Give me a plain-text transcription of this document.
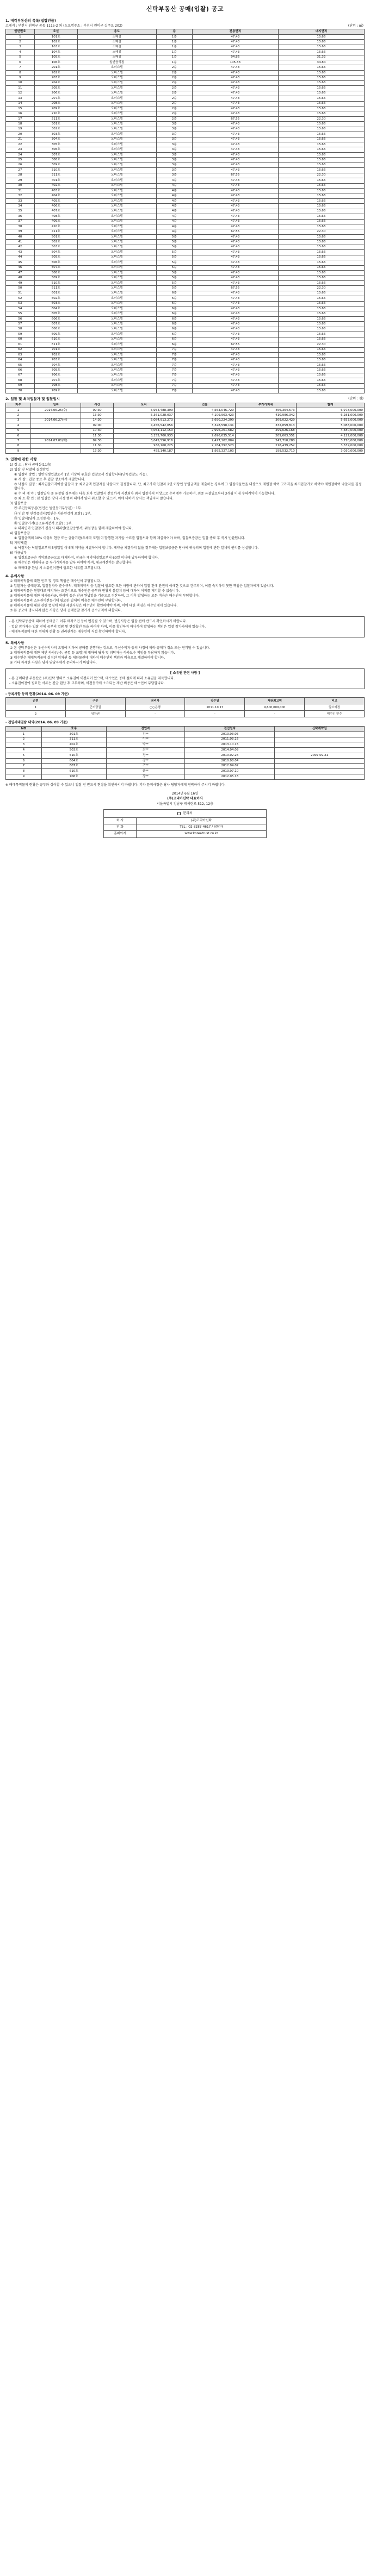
신탁부동산 공매(입찰) 공고
1. 매각부동산의 목록(집합건물)
소재지 : 부천시 원미구 중동 1115-2 외 (도로명주소 : 부천시 원미구 길주로 202)	(단위 : ㎡)
일련번호	호실	용도	층	전용면적	대지면적
1	101호	소매점	1층	47.43	15.66
2	102호	소매점	1층	47.43	15.66
3	103호	소매점	1층	47.43	15.66
4	104호	소매점	1층	47.43	15.66
5	105호	소매점	1층	94.86	31.32
6	106호	일반음식점	1층	105.33	34.84
7	201호	오피스텔	2층	47.43	15.66
8	202호	오피스텔	2층	47.43	15.66
9	203호	오피스텔	2층	47.43	15.66
10	204호	오피스텔	2층	47.43	15.66
11	205호	오피스텔	2층	47.43	15.66
12	206호	오피스텔	2층	47.43	15.66
13	207호	오피스텔	2층	47.43	15.66
14	208호	오피스텔	2층	47.43	15.66
15	209호	오피스텔	2층	47.43	15.66
16	210호	오피스텔	2층	47.43	15.66
17	211호	오피스텔	2층	67.55	22.30
18	301호	오피스텔	3층	47.43	15.66
19	302호	오피스텔	3층	47.43	15.66
20	303호	오피스텔	3층	47.43	15.66
21	304호	오피스텔	3층	47.43	15.66
22	305호	오피스텔	3층	47.43	15.66
23	306호	오피스텔	3층	47.43	15.66
24	307호	오피스텔	3층	47.43	15.66
25	308호	오피스텔	3층	47.43	15.66
26	309호	오피스텔	3층	47.43	15.66
27	310호	오피스텔	3층	47.43	15.66
28	311호	오피스텔	3층	67.55	22.30
29	401호	오피스텔	4층	47.43	15.66
30	402호	오피스텔	4층	47.43	15.66
31	403호	오피스텔	4층	47.43	15.66
32	404호	오피스텔	4층	47.43	15.66
33	405호	오피스텔	4층	47.43	15.66
34	406호	오피스텔	4층	47.43	15.66
35	407호	오피스텔	4층	47.43	15.66
36	408호	오피스텔	4층	47.43	15.66
37	409호	오피스텔	4층	47.43	15.66
38	410호	오피스텔	4층	47.43	15.66
39	411호	오피스텔	4층	67.55	22.30
40	501호	오피스텔	5층	47.43	15.66
41	502호	오피스텔	5층	47.43	15.66
42	503호	오피스텔	5층	47.43	15.66
43	504호	오피스텔	5층	47.43	15.66
44	505호	오피스텔	5층	47.43	15.66
45	506호	오피스텔	5층	47.43	15.66
46	507호	오피스텔	5층	47.43	15.66
47	508호	오피스텔	5층	47.43	15.66
48	509호	오피스텔	5층	47.43	15.66
49	510호	오피스텔	5층	47.43	15.66
50	511호	오피스텔	5층	67.55	22.30
51	601호	오피스텔	6층	47.43	15.66
52	602호	오피스텔	6층	47.43	15.66
53	603호	오피스텔	6층	47.43	15.66
54	604호	오피스텔	6층	47.43	15.66
55	605호	오피스텔	6층	47.43	15.66
56	606호	오피스텔	6층	47.43	15.66
57	607호	오피스텔	6층	47.43	15.66
58	608호	오피스텔	6층	47.43	15.66
59	609호	오피스텔	6층	47.43	15.66
60	610호	오피스텔	6층	47.43	15.66
61	611호	오피스텔	6층	67.55	22.30
62	701호	오피스텔	7층	47.43	15.66
63	702호	오피스텔	7층	47.43	15.66
64	703호	오피스텔	7층	47.43	15.66
65	704호	오피스텔	7층	47.43	15.66
66	705호	오피스텔	7층	47.43	15.66
67	706호	오피스텔	7층	47.43	15.66
68	707호	오피스텔	7층	47.43	15.66
69	708호	오피스텔	7층	47.43	15.66
70	709호	오피스텔	7층	47.43	15.66
2. 입찰 및 최저입찰가 및 입찰일시	(단위 : 원)
차수	일자	시간	토지	건물	부가가치세	합계
1	2014.06.25(수)	09:30	5,954,488,399	4,563,046,729	456,304,673	6,978,000,000
2		13:30	5,361,028,037	4,109,963,423	410,996,342	6,281,000,000
3	2014.06.27(금)	14:30	5,084,913,273	3,690,224,299	369,022,429	5,653,000,000
4		09:00	4,456,542,056	3,328,598,131	332,859,813	5,088,000,000
5		10:30	4,054,112,150	2,996,261,682	299,626,168	4,580,000,000
6		11:30	3,155,700,935	2,696,635,514	269,663,551	4,122,000,000
7	2014.07.01(화)	09:30	3,045,556,916	2,427,102,804	242,710,280	3,710,000,000
8		11:30	936,168,225	2,184,392,523	218,439,252	3,339,000,000
9		13:30	455,140,187	1,995,327,103	199,532,710	3,030,000,000
3. 입찰에 관한 사항

1) 장 소 : 당사 공매실(11층)

2) 입찰 및 낙찰의 결정방법

① 입찰의 방법 : 일반경쟁입찰로서 1인 이상의 유효한 입찰로서 성립합니다(단독입찰도 가능).

② 개 찰 : 입찰 종료 후 입찰 장소에서 개찰합니다.

③ 낙찰자 결정 : 최저입찰가격이상 입찰자 중 최고금액 입찰자를 낙찰자로 결정합니다. 단, 최고가격 입찰자 2인 이상인 동일금액을 제출하는 경우에 그 입찰자들만을 대상으로 재입찰 하여 고가격을 최저입찰가로 하여야 재입찰하여 낙찰자를 결정합니다.

④ 수 의 계 약 : 입찰일시 중 유찰될 경우에는 다음 회차 입찰일시 전일까지 직전회차 최저 입찰가격 이상으로 수의계약 가능하며, 최종 유찰일로부터 3개월 이내 수의계약이 가능합니다.

⑤ 최 소 확 인 : 본 입찰은 당사 사정 범위 내에서 임의 취소할 수 있으며, 이에 대하여 당사는 책임지지 않습니다.

3) 입찰보증

㉮ 주민등록등본(법인은 법인등기부등본) : 1부.

㉯ 인감 및 인감증명서(법인은 사용인감계 포함) : 1부.

㉰ 입찰서(당사 소정양식) : 1부.

㉱ 입찰참가서(공소유지분서 포함) : 1부.

※ 대리인이 입찰참가 신청시 대리인(인감증명서) 위임장을 함께 제출하여야 합니다.

4) 입찰보증금

① 입찰금액의 10% 이상의 현금 또는 금융기관(우체국 포함)이 발행한 자기앞 수표를 입찰서와 함께 제출하여야 하며, 입찰보증금은 입찰 종료 후 즉시 반환됩니다.

5) 계약체결

① 낙찰자는 낙찰일로부터 5영업일 이내에 계약을 체결하여야 합니다. 계약을 체결하지 않을 경우에는 입찰보증금은 당사에 귀속되며 입찰에 관한 일체의 권리를 상실합니다.

6) 대금납부

① 입찰보증금은 계약보증금으로 대체하며, 잔금은 계약체결일로부터 60일 이내에 납부하여야 합니다.

② 매수인은 매매대금 중 부가가치세를 납부 하여야 하며, 세금계산서는 발급합니다.

③ 매매대금 완납 시 소유권이전에 필요한 서류를 교부합니다.

4. 유의사항

① 매매목적물에 대한 인도 및 명도 책임은 매수인이 부담합니다.

② 입찰자는 공매공고, 입찰참가자 준수규칙, 매매계약서 등 입찰에 필요한 모든 사항에 관하여 입찰 전에 완전히 이해한 것으로 간주되며, 이를 숙지하지 못한 책임은 입찰자에게 있습니다.

③ 매매목적물은 현황대로 매각하는 조건이므로 매수인은 공부와 현황의 불일치 등에 대하여 이의를 제기할 수 없습니다.

④ 매매목적물에 대한 제세공과금, 관리비 등은 잔금 완납일을 기준으로 정산하며, 그 이후 발생하는 모든 비용은 매수인이 부담합니다.

⑤ 매매목적물의 소유권이전등기에 필요한 일체의 비용은 매수인이 부담합니다.

⑥ 매매목적물에 대한 관련 법령에 의한 제한사항은 매수인이 확인하여야 하며, 이에 대한 책임은 매수인에게 있습니다.

⑦ 본 공고에 명시되지 않은 사항은 당사 공매입찰 참가자 준수규칙에 의합니다.

- 본 신탁부동산에 대하여 공매공고 이후 매각조건 등이 변경될 수 있으며, 변경사항은 입찰 전에 반드시 확인하시기 바랍니다.

- 입찰 참가자는 입찰 전에 공부의 열람 및 현장확인 등을 하여야 하며, 이를 확인하지 아니하여 발생하는 책임은 입찰 참가자에게 있습니다.

- 매매목적물에 대한 임대차 현황 등 권리관계는 매수인이 직접 확인하여야 합니다.

5. 특이사항

① 본 신탁부동산은 우선수익자의 요청에 의하여 공매를 진행하는 것으로, 우선수익자 등의 사정에 따라 공매가 취소 또는 연기될 수 있습니다.

② 매매목적물에 대한 제반 하자(누수, 균열 등 포함)에 대하여 당사 및 위탁자는 하자보수 책임을 부담하지 않습니다.

③ 매수인은 매매목적물에 설정된 임차권 등 제한물권에 대하여 매수인의 책임과 비용으로 해결하여야 합니다.

④ 기타 자세한 사항은 당사 담당자에게 문의하시기 바랍니다.

[ 소유권 관련 사항 ]

- 본 공매대상 부동산은 (주)신탁 명의로 소유권이 이전되어 있으며, 매수인은 공매 절차에 따라 소유권을 취득합니다.

- 소유권이전에 필요한 서류는 잔금 완납 후 교부하며, 이전등기에 소요되는 제반 비용은 매수인이 부담합니다.

- 등록사항 등의 현황(2014. 06. 09 기준)
순번	구분	권리자	접수일	채권최고액	비고
1	근저당권	○○은행	2011.10.17	9,600,000,000	말소예정
2	임차권	-	-	-	매수인 인수
- 전입세대열람 내역(2014. 06. 09 기준)
NO	호수	전입자	전입일자	신탁계약일
1	301호	김**	2013.03.05	
2	311호	이**	2011.03.16	
3	402호	박**	2013.10.15	
4	503호	최**	2014.04.09	
5	510호	정**	2010.02.26	2007.09.21
6	604호	강**	2010.08.04	
7	607호	조**	2012.04.02	
8	610호	윤**	2013.07.10	
9	706호	장**	2012.05.16	

※ 매매목적물의 현황은 공부와 상이할 수 있으니 입찰 전 반드시 현장을 확인하시기 바랍니다. 기타 문의사항은 당사 담당자에게 연락하여 주시기 바랍니다.

2014년 6월 16일

(주)코리아신탁 대표이사

서울특별시 강남구 테헤란로 512, 12층

문의처
회 사	(주)코리아신탁
전 화	TEL : 02-3287-4617 / 담당자
홈페이지	www.koreatrust.co.kr
